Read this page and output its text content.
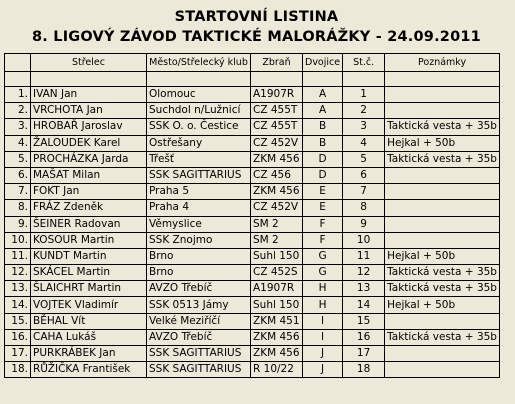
STARTOVNÍ LISTINA
8. LIGOVÝ ZÁVOD TAKTICKÉ MALORÁŽKY - 24.09.2011
	Střelec	Město/Střelecký klub	Zbraň	Dvojice	St.č.	Poznámky

1.	IVAN Jan	Olomouc	A1907R	A	1	
2.	VRCHOTA Jan	Suchdol n/Lužnicí	CZ 455T	A	2	
3.	HROBAŘ Jaroslav	SSK O. o. Čestice	CZ 455T	B	3	Taktická vesta + 35b
4.	ŽALOUDEK Karel	Ostřešany	CZ 452V	B	4	Hejkal + 50b
5.	PROCHÁZKA Jarda	Třešť	ZKM 456	D	5	Taktická vesta + 35b
6.	MAŠAT Milan	SSK SAGITTARIUS	CZ 456	D	6	
7.	FOKT Jan	Praha 5	ZKM 456	E	7	
8.	FRÁZ Zdeněk	Praha 4	CZ 452V	E	8	
9.	ŠEINER Radovan	Věmyslice	SM 2	F	9	
10.	KOSOUR Martin	SSK Znojmo	SM 2	F	10	
11.	KUNDT Martin	Brno	Suhl 150	G	11	Hejkal + 50b
12.	SKÁCEL Martin	Brno	CZ 452S	G	12	Taktická vesta + 35b
13.	ŠLAICHRT Martin	AVZO Třebíč	A1907R	H	13	Taktická vesta + 35b
14.	VOJTEK Vladimír	SSK 0513 Jámy	Suhl 150	H	14	Hejkal + 50b
15.	BĚHAL Vít	Velké Meziříčí	ZKM 451	I	15	
16.	CAHA Lukáš	AVZO Třebíč	ZKM 456	I	16	Taktická vesta + 35b
17.	PURKRÁBEK Jan	SSK SAGITTARIUS	ZKM 456	J	17	
18.	RŮŽIČKA František	SSK SAGITTARIUS	R 10/22	J	18	
